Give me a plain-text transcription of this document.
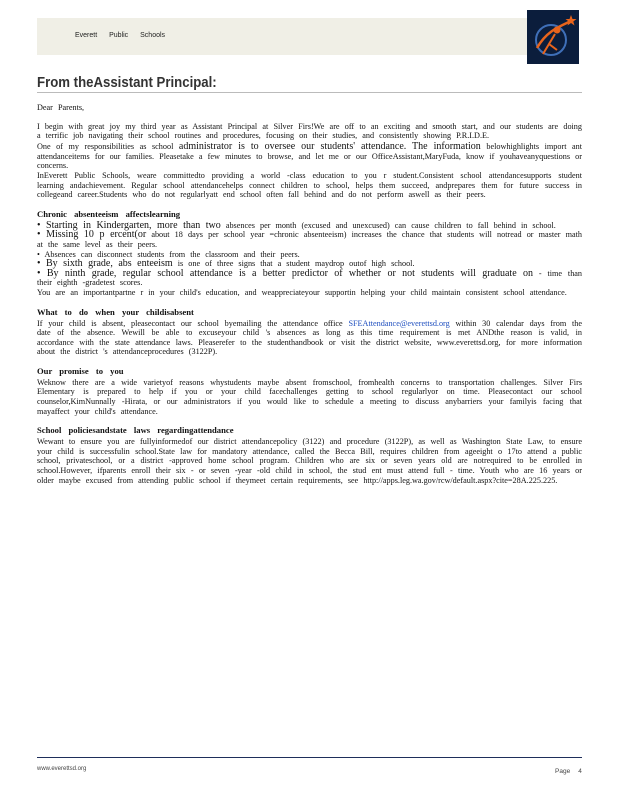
Everett Public Schools
From theAssistant Principal:

Dear Parents,

I begin with great joy my third year as Assistant Principal at Silver Firs!We are off to an exciting and smooth start, and our students are doing a terrific job navigating their school routines and procedures, focusing on their studies, and consistently showing P.R.I.D.E.

One of my responsibilities as school administrator is to oversee our students' attendance. The information belowhighlights import ant attendanceitems for our families. Pleasetake a few minutes to browse, and let me or our OfficeAssistant,MaryFuda, know if youhaveanyquestions or concerns.

InEverett Public Schools, weare committedto providing a world -class education to you r student.Consistent school attendancesupports student learning andachievement. Regular school attendancehelps connect children to school, helps them succeed, andprepares them for future success in collegeand career.Students who do not regularlyatt end school often fall behind and do not perform aswell as their peers.

Chronic absenteeism affectslearning

• Starting in Kindergarten, more than two absences per month (excused and unexcused) can cause children to fall behind in school.

• Missing 10 p ercent(or about 18 days per school year =chronic absenteeism) increases the chance that students will notread or master math at the same level as their peers.

• Absences can disconnect students from the classroom and their peers.

• By sixth grade, abs enteeism is one of three signs that a student maydrop outof high school.

• By ninth grade, regular school attendance is a better predictor of whether or not students will graduate on - time than their eighth -gradetest scores.

You are an importantpartne r in your child's education, and weappreciateyour supportin helping your child maintain consistent school attendance.

What to do when your childisabsent

If your child is absent, pleasecontact our school byemailing the attendance office SFEAttendance@everettsd.org within 30 calendar days from the date of the absence. Wewill be able to excuseyour child 's absences as long as this time requirement is met ANDthe reason is valid, in accordance with the state attendance laws. Pleaserefer to the studenthandbook or visit the district website, www.everettsd.org, for more information about the district 's attendanceprocedures (3122P).

Our promise to you

Weknow there are a wide varietyof reasons whystudents maybe absent fromschool, fromhealth concerns to transportation challenges. Silver Firs Elementary is prepared to help if you or your child facechallenges getting to school regularlyor on time. Pleasecontact our school counselor,KimNunnally -Hirata, or our administrators if you would like to schedule a meeting to discuss anybarriers your familyis facing that mayaffect your child's attendance.

School policiesandstate laws regardingattendance

Wewant to ensure you are fullyinformedof our district attendancepolicy (3122) and procedure (3122P), as well as Washington State Law, to ensure your child is successfulin school.State law for mandatory attendance, called the Becca Bill, requires children from ageeight o 17to attend a public school, privateschool, or a district -approved home school program. Children who are six or seven years old are notrequired to be enrolled in school.However, ifparents enroll their six - or seven -year -old child in school, the stud ent must attend full - time. Youth who are 16 years or older maybe excused from attending public school if theymeet certain requirements, see http://apps.leg.wa.gov/rcw/default.aspx?cite=28A.225.225.

www.everettsd.org	Page 4
